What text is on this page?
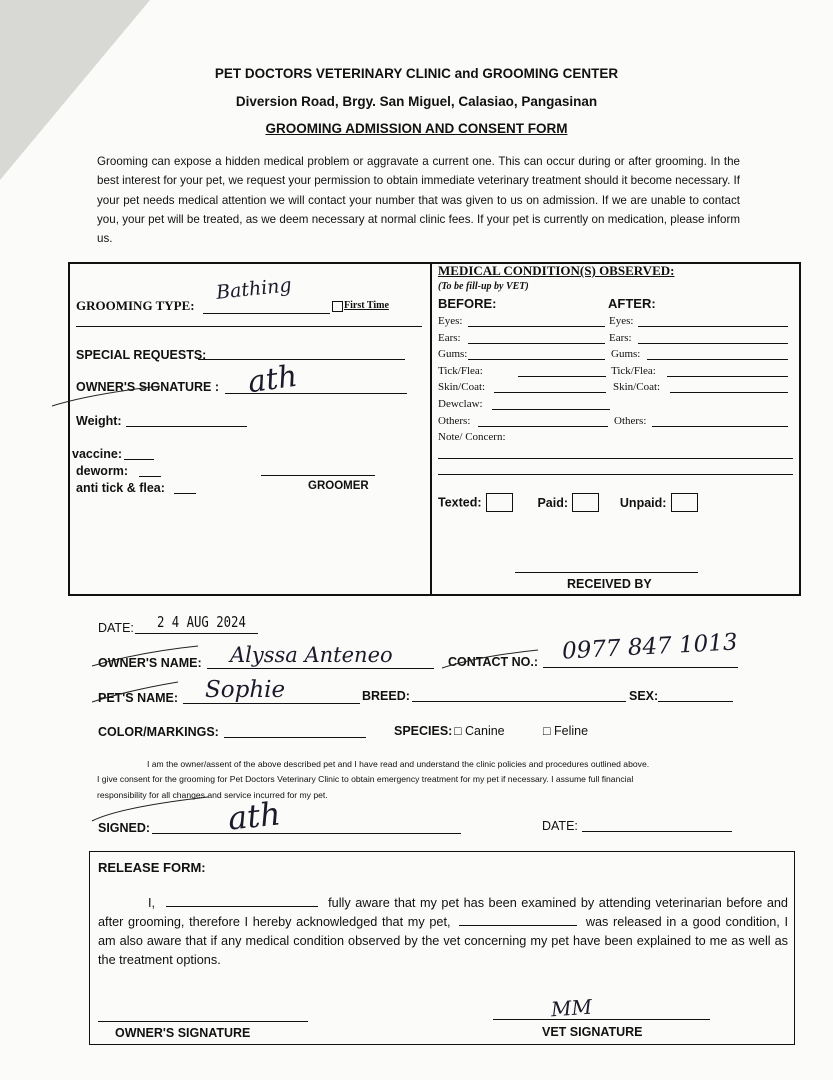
PET DOCTORS VETERINARY CLINIC and GROOMING CENTER
Diversion Road, Brgy. San Miguel, Calasiao, Pangasinan
GROOMING ADMISSION AND CONSENT FORM
Grooming can expose a hidden medical problem or aggravate a current one. This can occur during or after grooming. In the best interest for your pet, we request your permission to obtain immediate veterinary treatment should it become necessary. If your pet needs medical attention we will contact your number that was given to us on admission. If we are unable to contact you, your pet will be treated, as we deem necessary at normal clinic fees. If your pet is currently on medication, please inform us.
GROOMING TYPE:
Bathing
First Time
SPECIAL REQUESTS:
OWNER'S SIGNATURE : ath
Weight:
vaccine:
deworm:
anti tick & flea:	GROOMER
MEDICAL CONDITION(S) OBSERVED:
(To be fill-up by VET)
BEFORE:	AFTER:
Eyes:	Eyes:
Ears:	Ears:
Gums:	Gums:
Tick/Flea:	Tick/Flea:
Skin/Coat:	Skin/Coat:
Dewclaw:
Others:	Others:
Note/ Concern:
Texted:	Paid:	Unpaid:
RECEIVED BY
DATE: 2 4 AUG 2024
OWNER'S NAME: Alyssa Anteneo	CONTACT NO.: 0977 847 1013
PET'S NAME: Sophie	BREED:	SEX:
COLOR/MARKINGS:	SPECIES: □ Canine	□ Feline
I am the owner/assent of the above described pet and I have read and understand the clinic policies and procedures outlined above.
I give consent for the grooming for Pet Doctors Veterinary Clinic to obtain emergency treatment for my pet if necessary. I assume full financial
responsibility for all changes and service incurred for my pet.
SIGNED: ath	DATE:
RELEASE FORM:
I,	fully aware that my pet has been examined by attending veterinarian before and after grooming, therefore I hereby acknowledged that my pet,	was released in a good condition, I am also aware that if any medical condition observed by the vet concerning my pet have been explained to me as well as the treatment options.
OWNER'S SIGNATURE
MM
VET SIGNATURE
